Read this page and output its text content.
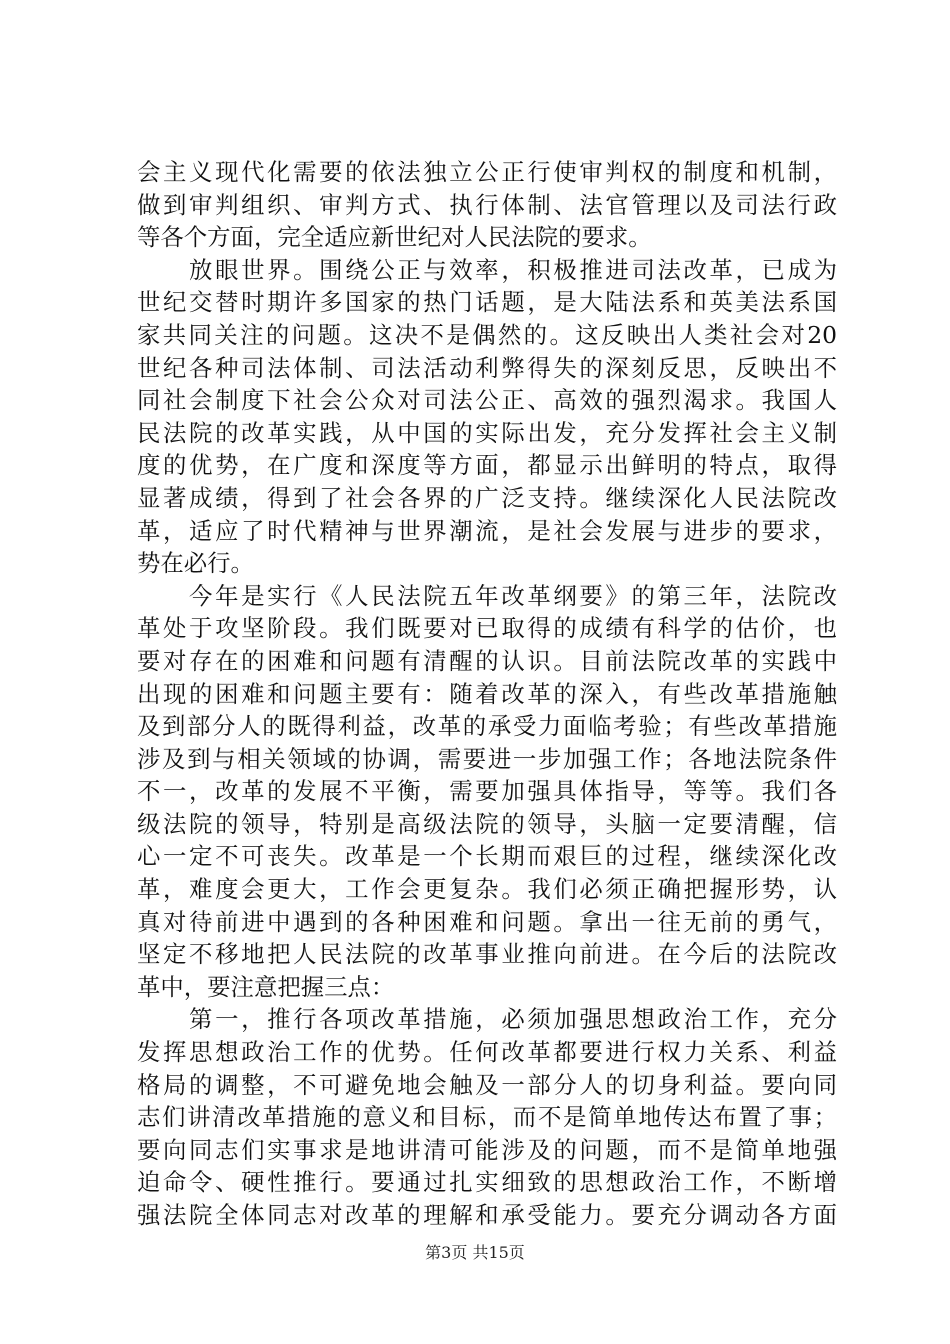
会主义现代化需要的依法独立公正行使审判权的制度和机制，
做到审判组织、审判方式、执行体制、法官管理以及司法行政
等各个方面，完全适应新世纪对人民法院的要求。
　　放眼世界。围绕公正与效率，积极推进司法改革，已成为
世纪交替时期许多国家的热门话题，是大陆法系和英美法系国
家共同关注的问题。这决不是偶然的。这反映出人类社会对20
世纪各种司法体制、司法活动利弊得失的深刻反思，反映出不
同社会制度下社会公众对司法公正、高效的强烈渴求。我国人
民法院的改革实践，从中国的实际出发，充分发挥社会主义制
度的优势，在广度和深度等方面，都显示出鲜明的特点，取得
显著成绩，得到了社会各界的广泛支持。继续深化人民法院改
革，适应了时代精神与世界潮流，是社会发展与进步的要求，
势在必行。
　　今年是实行《人民法院五年改革纲要》的第三年，法院改
革处于攻坚阶段。我们既要对已取得的成绩有科学的估价，也
要对存在的困难和问题有清醒的认识。目前法院改革的实践中
出现的困难和问题主要有：随着改革的深入，有些改革措施触
及到部分人的既得利益，改革的承受力面临考验；有些改革措施
涉及到与相关领域的协调，需要进一步加强工作；各地法院条件
不一，改革的发展不平衡，需要加强具体指导，等等。我们各
级法院的领导，特别是高级法院的领导，头脑一定要清醒，信
心一定不可丧失。改革是一个长期而艰巨的过程，继续深化改
革，难度会更大，工作会更复杂。我们必须正确把握形势，认
真对待前进中遇到的各种困难和问题。拿出一往无前的勇气，
坚定不移地把人民法院的改革事业推向前进。在今后的法院改
革中，要注意把握三点：
　　第一，推行各项改革措施，必须加强思想政治工作，充分
发挥思想政治工作的优势。任何改革都要进行权力关系、利益
格局的调整，不可避免地会触及一部分人的切身利益。要向同
志们讲清改革措施的意义和目标，而不是简单地传达布置了事；
要向同志们实事求是地讲清可能涉及的问题，而不是简单地强
迫命令、硬性推行。要通过扎实细致的思想政治工作，不断增
强法院全体同志对改革的理解和承受能力。要充分调动各方面
第3页 共15页
